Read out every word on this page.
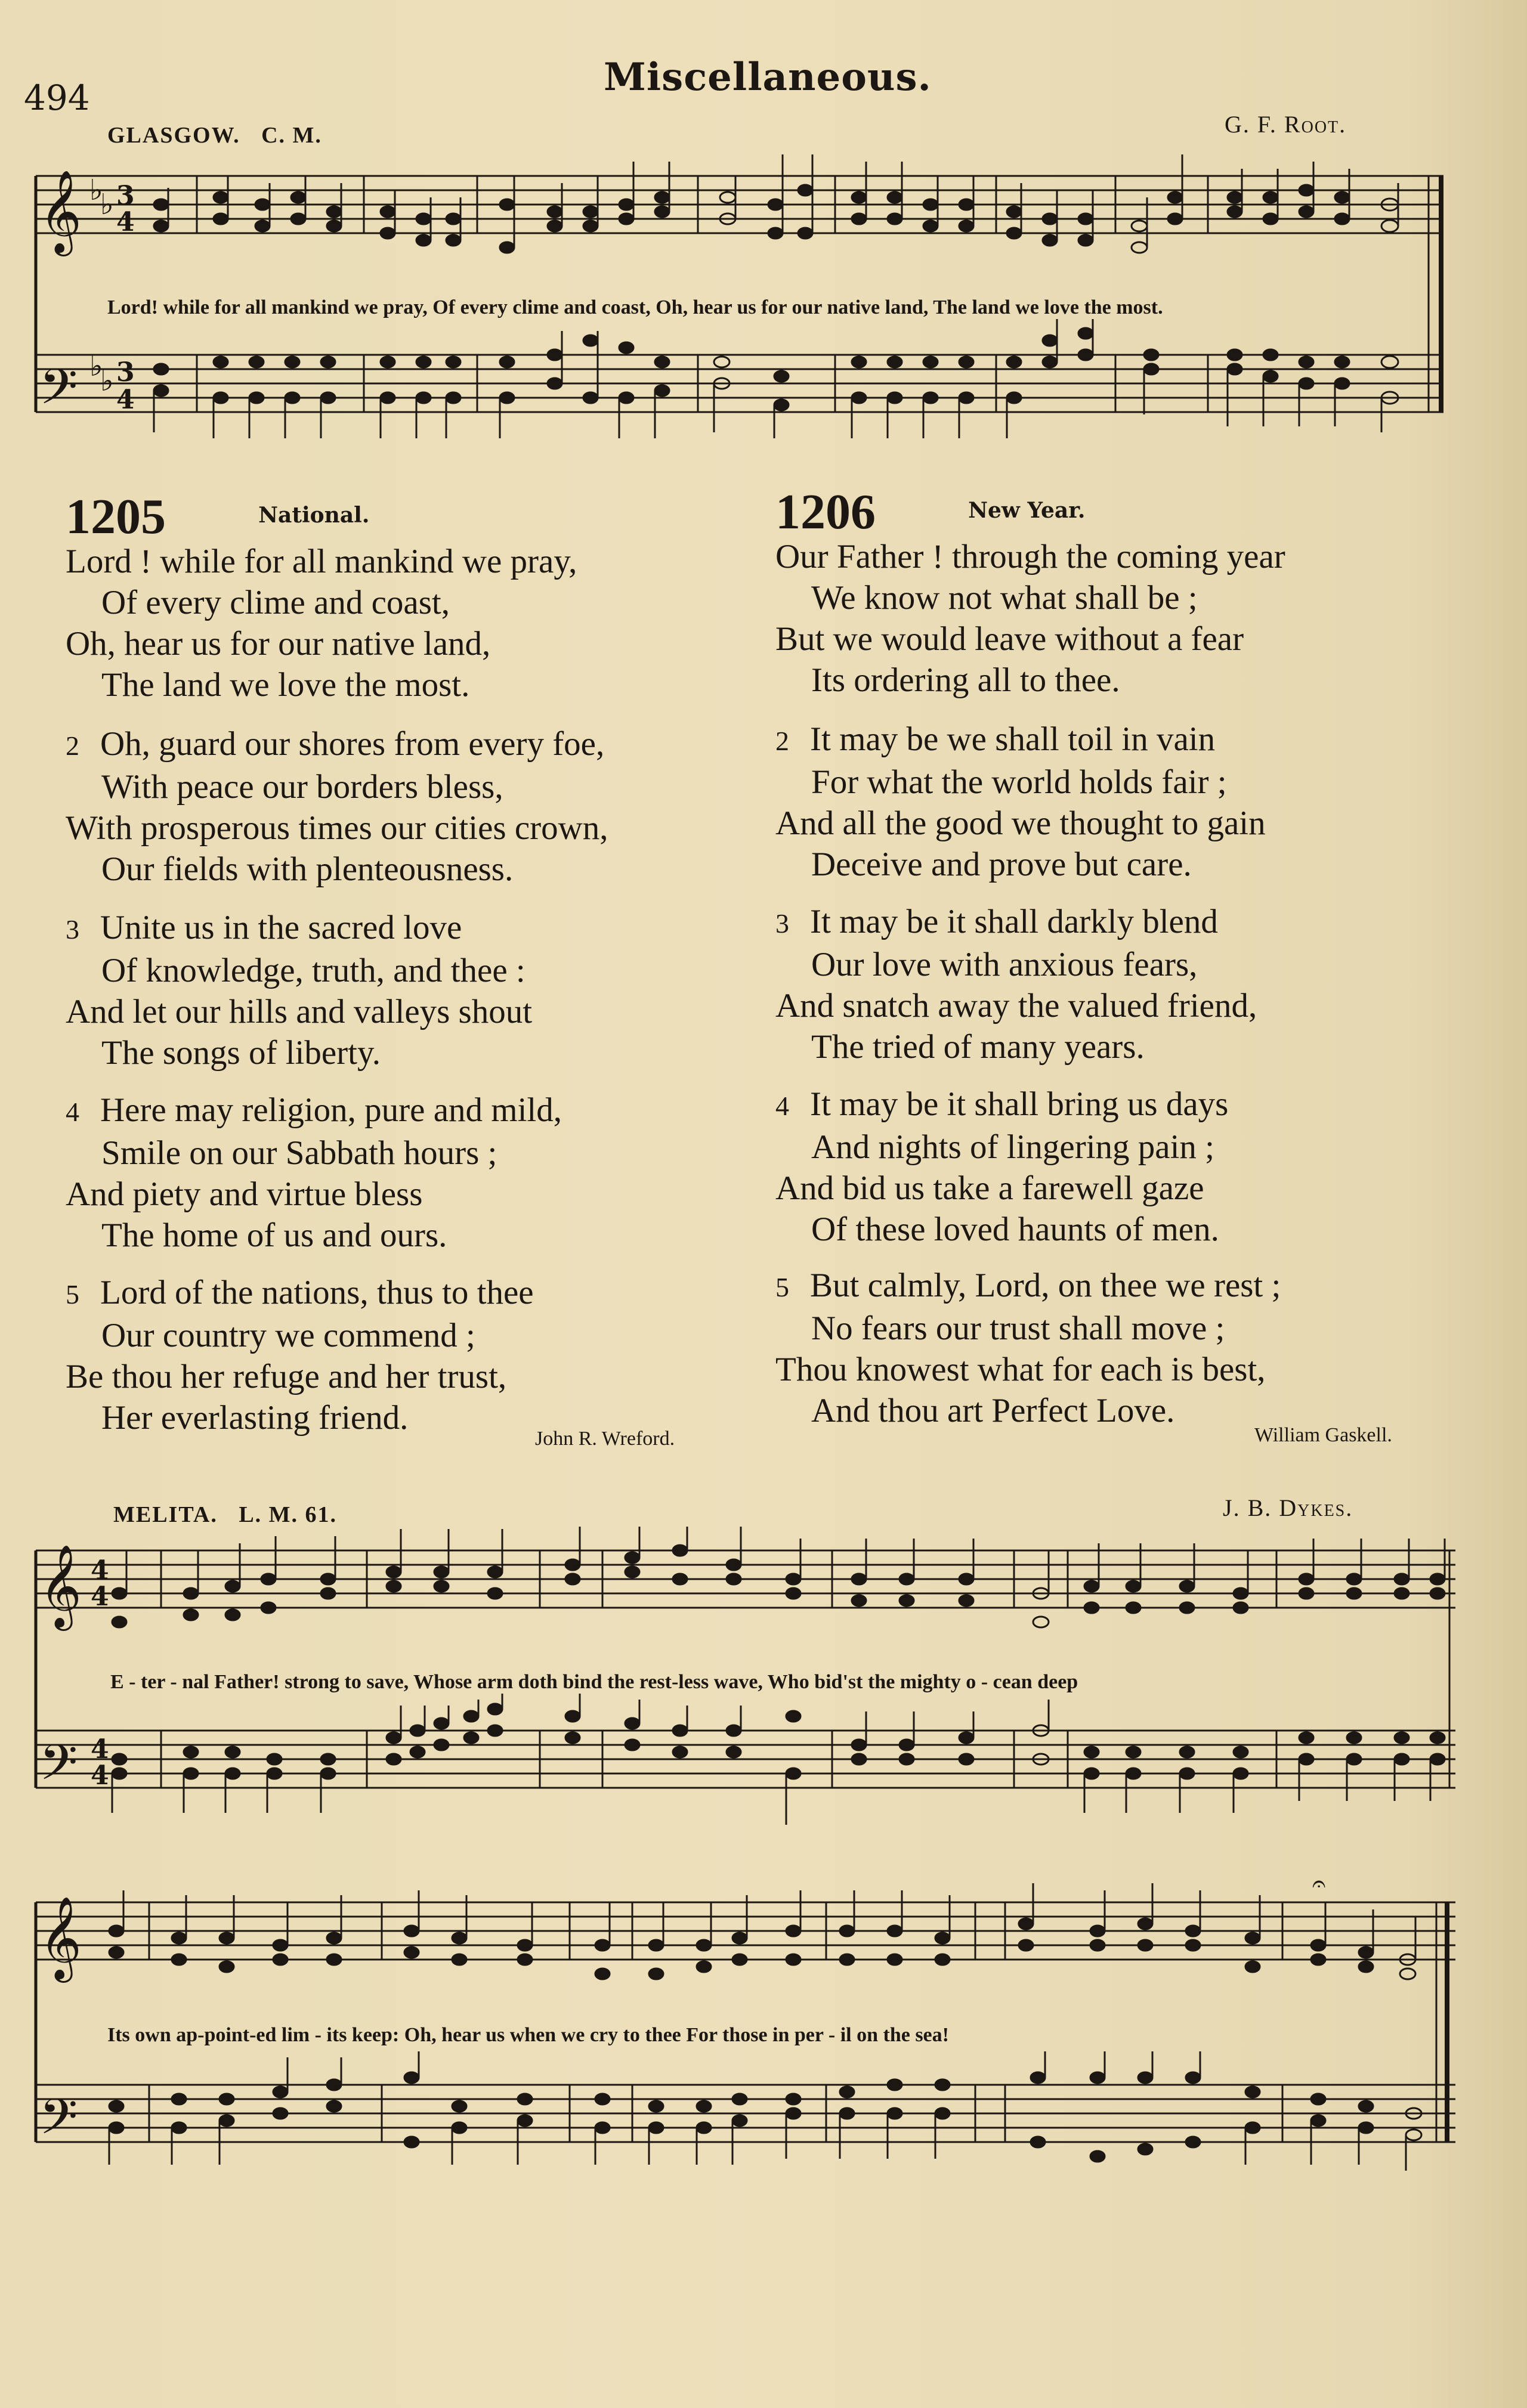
494	Miscellaneous.
GLASGOW. C. M.	G. F. Root.
𝄞
𝄢
♭
♭
♭
♭
3
4
3
4
Lord! while for all mankind we pray, Of every clime and coast, Oh, hear us for our native land, The land we love the most.
1205	National.
Lord ! while for all mankind we pray,
Of every clime and coast,
Oh, hear us for our native land,
The land we love the most.
2 Oh, guard our shores from every foe,
With peace our borders bless,
With prosperous times our cities crown,
Our fields with plenteousness.
3 Unite us in the sacred love
Of knowledge, truth, and thee :
And let our hills and valleys shout
The songs of liberty.
4 Here may religion, pure and mild,
Smile on our Sabbath hours ;
And piety and virtue bless
The home of us and ours.
5 Lord of the nations, thus to thee
Our country we commend ;
Be thou her refuge and her trust,
Her everlasting friend.
John R. Wreford.
1206	New Year.
Our Father ! through the coming year
We know not what shall be ;
But we would leave without a fear
Its ordering all to thee.
2 It may be we shall toil in vain
For what the world holds fair ;
And all the good we thought to gain
Deceive and prove but care.
3 It may be it shall darkly blend
Our love with anxious fears,
And snatch away the valued friend,
The tried of many years.
4 It may be it shall bring us days
And nights of lingering pain ;
And bid us take a farewell gaze
Of these loved haunts of men.
5 But calmly, Lord, on thee we rest ;
No fears our trust shall move ;
Thou knowest what for each is best,
And thou art Perfect Love.
William Gaskell.
MELITA. L. M. 61.	J. B. Dykes.
𝄞
𝄢
4
4
4
4
E - ter - nal Father! strong to save, Whose arm doth bind the rest-less wave, Who bid'st the mighty o - cean deep
𝄞
𝄢
𝄐
Its own ap-point-ed lim - its keep: Oh, hear us when we cry to thee For those in per - il on the sea!
